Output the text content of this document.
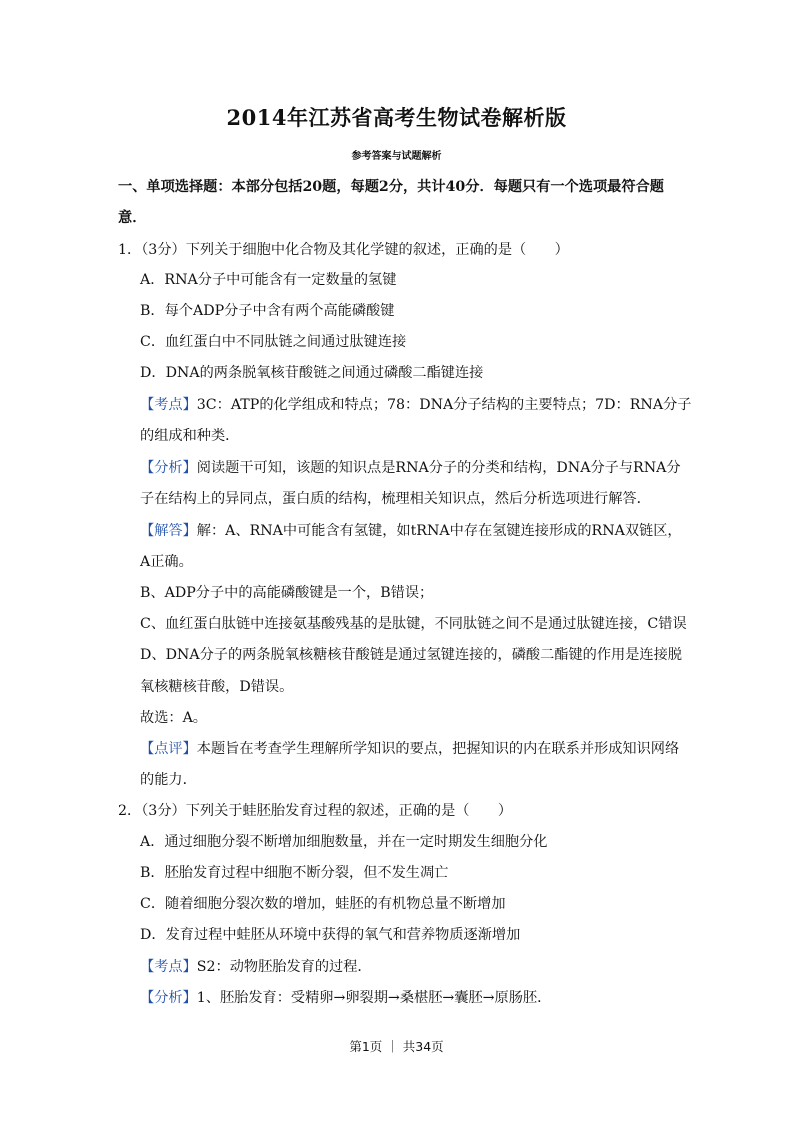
2014年江苏省高考生物试卷解析版
参考答案与试题解析
一、单项选择题：本部分包括20题，每题2分，共计40分．每题只有一个选项最符合题
意．
1．（3分）下列关于细胞中化合物及其化学键的叙述，正确的是（　　）
A．RNA分子中可能含有一定数量的氢键
B．每个ADP分子中含有两个高能磷酸键
C．血红蛋白中不同肽链之间通过肽键连接
D．DNA的两条脱氧核苷酸链之间通过磷酸二酯键连接
【考点】3C：ATP的化学组成和特点；78：DNA分子结构的主要特点；7D：RNA分子
的组成和种类．
【分析】阅读题干可知，该题的知识点是RNA分子的分类和结构，DNA分子与RNA分
子在结构上的异同点，蛋白质的结构，梳理相关知识点，然后分析选项进行解答．
【解答】解：A、RNA中可能含有氢键，如tRNA中存在氢键连接形成的RNA双链区，
A正确。
B、ADP分子中的高能磷酸键是一个，B错误；
C、血红蛋白肽链中连接氨基酸残基的是肽键，不同肽链之间不是通过肽键连接，C错误
D、DNA分子的两条脱氧核糖核苷酸链是通过氢键连接的，磷酸二酯键的作用是连接脱
氧核糖核苷酸，D错误。
故选：A。
【点评】本题旨在考查学生理解所学知识的要点，把握知识的内在联系并形成知识网络
的能力．
2．（3分）下列关于蛙胚胎发育过程的叙述，正确的是（　　）
A．通过细胞分裂不断增加细胞数量，并在一定时期发生细胞分化
B．胚胎发育过程中细胞不断分裂，但不发生凋亡
C．随着细胞分裂次数的增加，蛙胚的有机物总量不断增加
D．发育过程中蛙胚从环境中获得的氧气和营养物质逐渐增加
【考点】S2：动物胚胎发育的过程．
【分析】1、胚胎发育：受精卵→卵裂期→桑椹胚→囊胚→原肠胚．
第1页 ｜ 共34页
